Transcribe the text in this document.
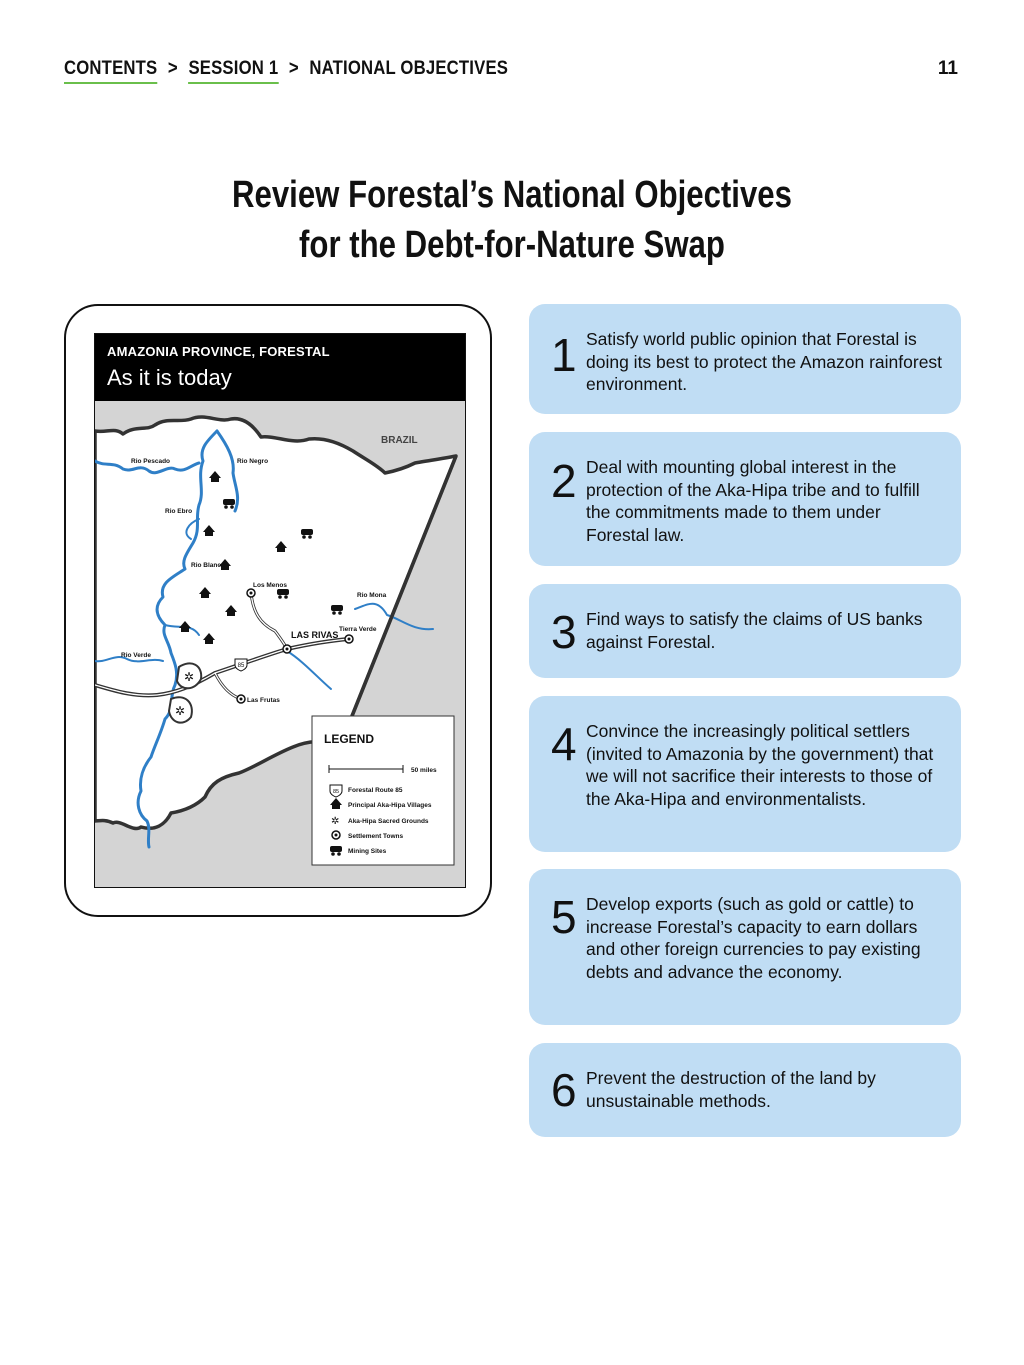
CONTENTS > SESSION 1 > NATIONAL OBJECTIVES	11
Review Forestal’s National Objectives
for the Debt-for-Nature Swap
AMAZONIA PROVINCE, FORESTAL
As it is today
✲
✲
85
BRAZIL
Rio Pescado	Rio Negro
Rio Ebro
Rio Blanco
Los Menos
Rio Mona
Tierra Verde
LAS RIVAS
Rio Verde
Las Frutas
LEGEND
50 miles
85
✲
Forestal Route 85
Principal Aka-Hipa Villages
Aka-Hipa Sacred Grounds
Settlement Towns
Mining Sites
1 Satisfy world public opinion that Forestal is doing its best to protect the Amazon rainforest environment.
2 Deal with mounting global interest in the protection of the Aka-Hipa tribe and to fulfill the commitments made to them under Forestal law.
3 Find ways to satisfy the claims of US banks against Forestal.
4 Convince the increasingly political settlers (invited to Amazonia by the government) that we will not sacrifice their interests to those of the Aka-Hipa and environmentalists.
5 Develop exports (such as gold or cattle) to increase Forestal’s capacity to earn dollars and other foreign currencies to pay existing debts and advance the economy.
6 Prevent the destruction of the land by unsustainable methods.
